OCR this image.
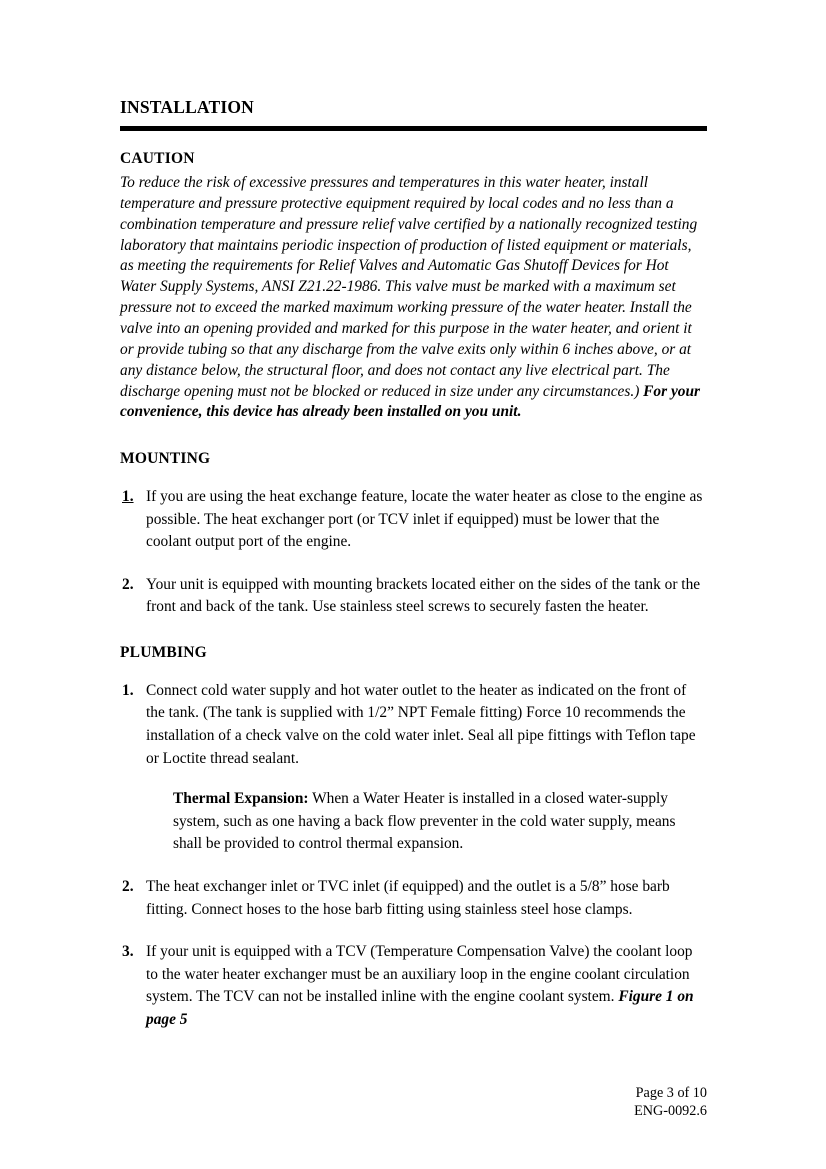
INSTALLATION
CAUTION

To reduce the risk of excessive pressures and temperatures in this water heater, install temperature and pressure protective equipment required by local codes and no less than a combination temperature and pressure relief valve certified by a nationally recognized testing laboratory that maintains periodic inspection of production of listed equipment or materials, as meeting the requirements for Relief Valves and Automatic Gas Shutoff Devices for Hot Water Supply Systems, ANSI Z21.22-1986. This valve must be marked with a maximum set pressure not to exceed the marked maximum working pressure of the water heater. Install the valve into an opening provided and marked for this purpose in the water heater, and orient it or provide tubing so that any discharge from the valve exits only within 6 inches above, or at any distance below, the structural floor, and does not contact any live electrical part. The discharge opening must not be blocked or reduced in size under any circumstances.) For your convenience, this device has already been installed on you unit.

MOUNTING
1. If you are using the heat exchange feature, locate the water heater as close to the engine as possible. The heat exchanger port (or TCV inlet if equipped) must be lower that the coolant output port of the engine.
2. Your unit is equipped with mounting brackets located either on the sides of the tank or the front and back of the tank. Use stainless steel screws to securely fasten the heater.
PLUMBING
1. Connect cold water supply and hot water outlet to the heater as indicated on the front of the tank. (The tank is supplied with 1/2” NPT Female fitting) Force 10 recommends the installation of a check valve on the cold water inlet. Seal all pipe fittings with Teflon tape or Loctite thread sealant.

Thermal Expansion: When a Water Heater is installed in a closed water-supply system, such as one having a back flow preventer in the cold water supply, means shall be provided to control thermal expansion.

2. The heat exchanger inlet or TVC inlet (if equipped) and the outlet is a 5/8” hose barb fitting. Connect hoses to the hose barb fitting using stainless steel hose clamps.
3. If your unit is equipped with a TCV (Temperature Compensation Valve) the coolant loop to the water heater exchanger must be an auxiliary loop in the engine coolant circulation system. The TCV can not be installed inline with the engine coolant system. Figure 1 on page 5
Page 3 of 10
ENG-0092.6
